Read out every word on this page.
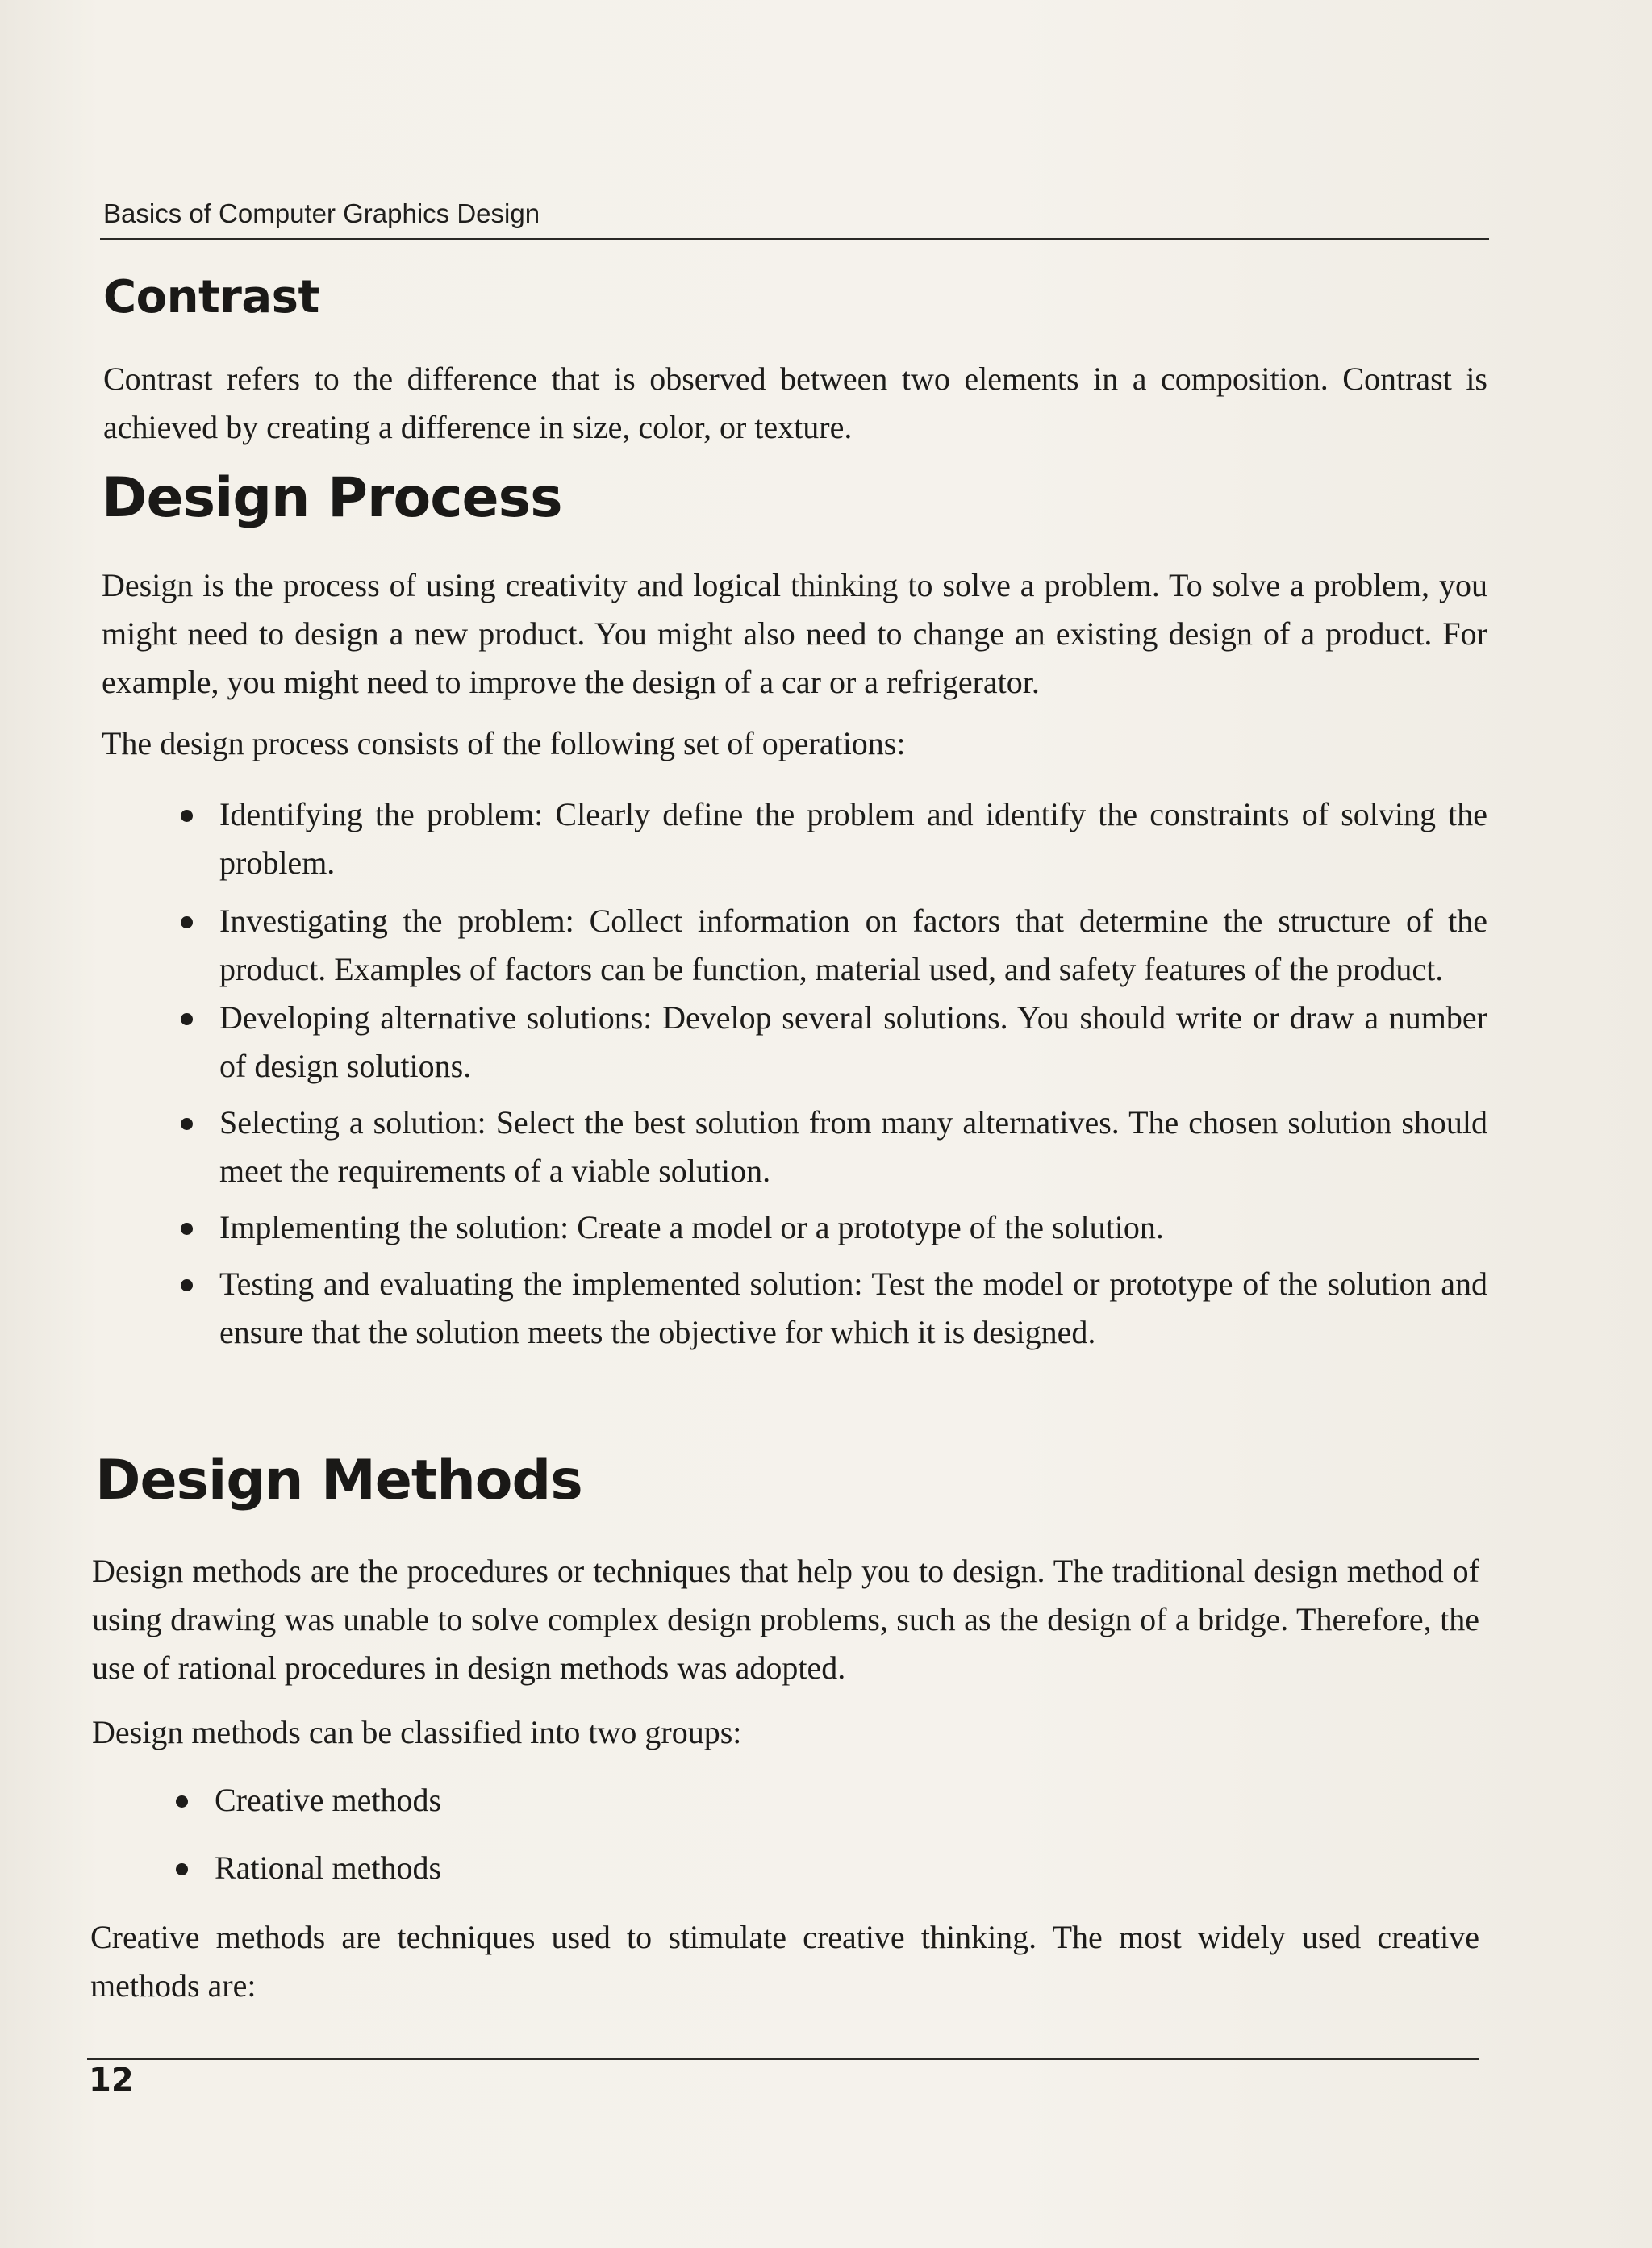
Basics of Computer Graphics Design
Contrast
Contrast refers to the difference that is observed between two elements in a composition. Contrast is achieved by creating a difference in size, color, or texture.
Design Process
Design is the process of using creativity and logical thinking to solve a problem. To solve a problem, you might need to design a new product. You might also need to change an existing design of a product. For example, you might need to improve the design of a car or a refrigerator.
The design process consists of the following set of operations:
Identifying the problem: Clearly define the problem and identify the constraints of solving the problem.
Investigating the problem: Collect information on factors that determine the structure of the product. Examples of factors can be function, material used, and safety features of the product.
Developing alternative solutions: Develop several solutions. You should write or draw a number of design solutions.
Selecting a solution: Select the best solution from many alternatives. The chosen solution should meet the requirements of a viable solution.
Implementing the solution: Create a model or a prototype of the solution.
Testing and evaluating the implemented solution: Test the model or prototype of the solution and ensure that the solution meets the objective for which it is designed.
Design Methods
Design methods are the procedures or techniques that help you to design. The traditional design method of using drawing was unable to solve complex design problems, such as the design of a bridge. Therefore, the use of rational procedures in design methods was adopted.
Design methods can be classified into two groups:
Creative methods
Rational methods
Creative methods are techniques used to stimulate creative thinking. The most widely used creative methods are:
12
